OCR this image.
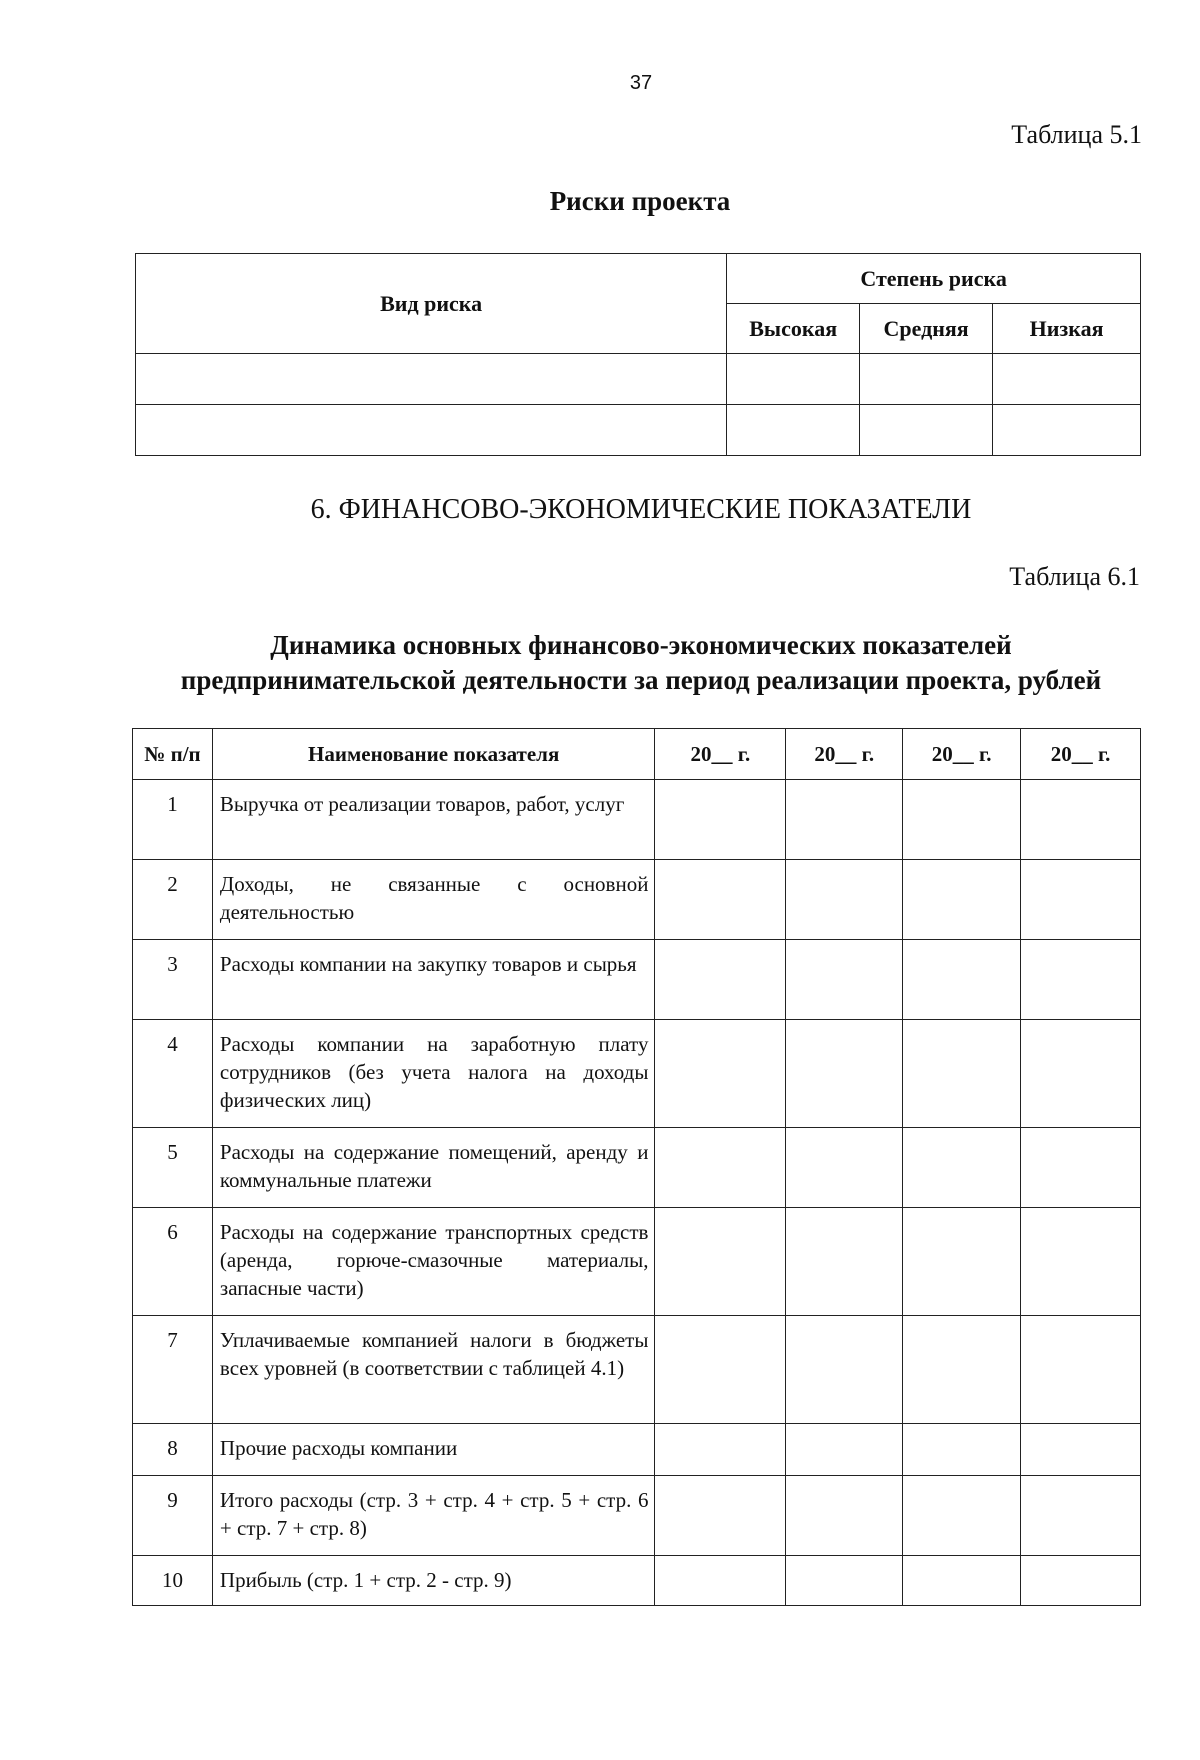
37
Таблица 5.1
Риски проекта
Вид риска	Степень риска		
	Высокая	Средняя	Низкая

6. ФИНАНСОВО-ЭКОНОМИЧЕСКИЕ ПОКАЗАТЕЛИ
Таблица 6.1
Динамика основных финансово-экономических показателей
предпринимательской деятельности за период реализации проекта, рублей
№ п/п	Наименование показателя	20__ г.	20__ г.	20__ г.	20__ г.
1	Выручка от реализации товаров, работ, услуг				
2	Доходы, не связанные с основной деятельностью				
3	Расходы компании на закупку товаров и сырья				
4	Расходы компании на заработную плату сотрудников (без учета налога на доходы физических лиц)				
5	Расходы на содержание помещений, аренду и коммунальные платежи				
6	Расходы на содержание транспортных средств (аренда, горюче-смазочные материалы, запасные части)				
7	Уплачиваемые компанией налоги в бюджеты всех уровней (в соответствии с таблицей 4.1)				
8	Прочие расходы компании				
9	Итого расходы (стр. 3 + стр. 4 + стр. 5 + стр. 6 + стр. 7 + стр. 8)				
10	Прибыль (стр. 1 + стр. 2 - стр. 9)				
